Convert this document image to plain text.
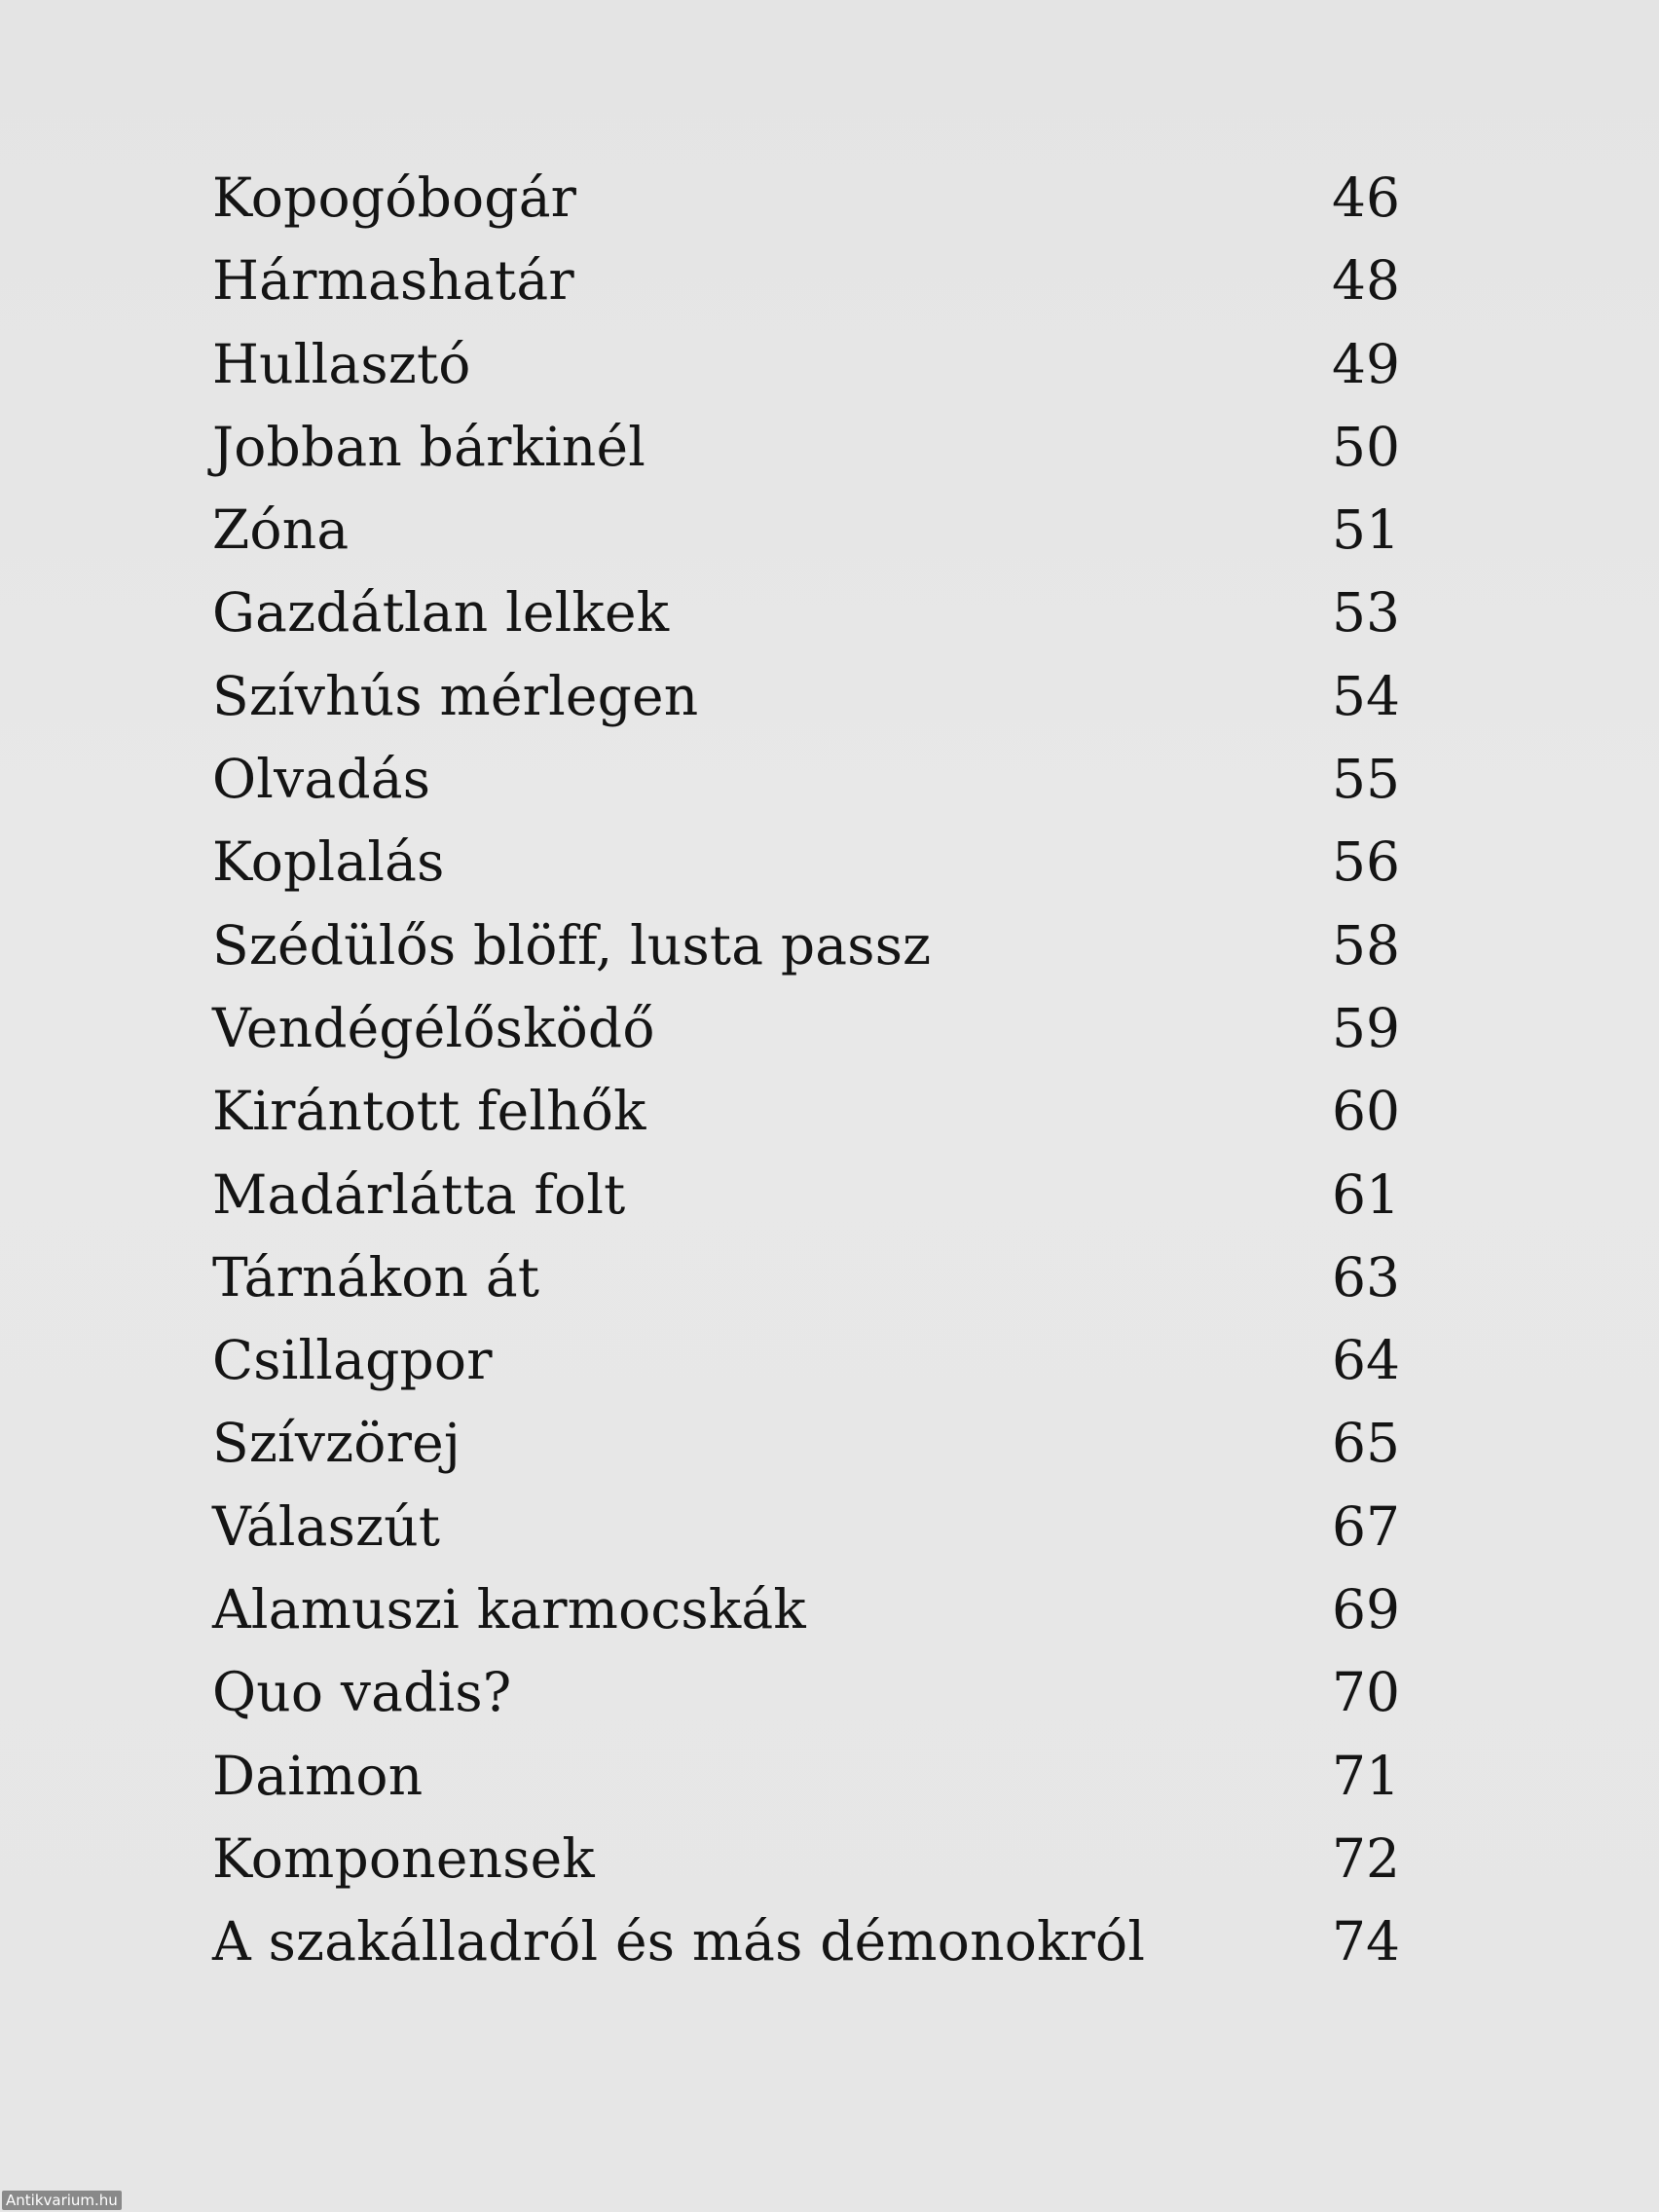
Kopogóbogár	46
Hármashatár	48
Hullasztó	49
Jobban bárkinél	50
Zóna	51
Gazdátlan lelkek	53
Szívhús mérlegen	54
Olvadás	55
Koplalás	56
Szédülős blöff, lusta passz	58
Vendégélősködő	59
Kirántott felhők	60
Madárlátta folt	61
Tárnákon át	63
Csillagpor	64
Szívzörej	65
Válaszút	67
Alamuszi karmocskák	69
Quo vadis?	70
Daimon	71
Komponensek	72
A szakálladról és más démonokról	74
Antikvarium.hu
